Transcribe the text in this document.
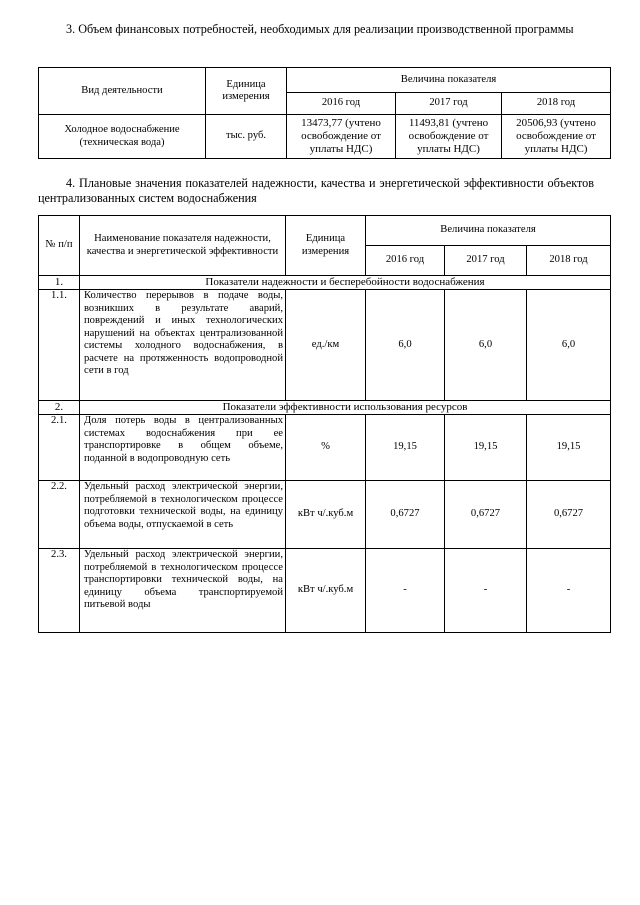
3. Объем финансовых потребностей, необходимых для реализации производственной программы
Вид деятельности	Единица измерения	Величина показателя		
		2016 год	2017 год	2018 год
Холодное водоснабжение (техническая вода)	тыс. руб.	13473,77 (учтено освобождение от уплаты НДС)	11493,81 (учтено освобождение от уплаты НДС)	20506,93 (учтено освобождение от уплаты НДС)
4. Плановые значения показателей надежности, качества и энергетической эффективности объектов централизованных систем водоснабжения
№ п/п	Наименование показателя надежности, качества и энергетической эффективности	Единица измерения	Величина показателя		
			2016 год	2017 год	2018 год
1.	Показатели надежности и бесперебойности водоснабжения				
1.1.	Количество перерывов в подаче воды, возникших в результате аварий, повреждений и иных технологических нарушений на объектах централизованной системы холодного водоснабжения, в расчете на протяженность водопроводной сети в год	ед./км	6,0	6,0	6,0
2.	Показатели эффективности использования ресурсов				
2.1.	Доля потерь воды в централизованных системах водоснабжения при ее транспортировке в общем объеме, поданной в водопроводную сеть	%	19,15	19,15	19,15
2.2.	Удельный расход электрической энергии, потребляемой в технологическом процессе подготовки технической воды, на единицу объема воды, отпускаемой в сеть	кВт ч/.куб.м	0,6727	0,6727	0,6727
2.3.	Удельный расход электрической энергии, потребляемой в технологическом процессе транспортировки технической воды, на единицу объема транспортируемой питьевой воды	кВт ч/.куб.м	-	-	-
